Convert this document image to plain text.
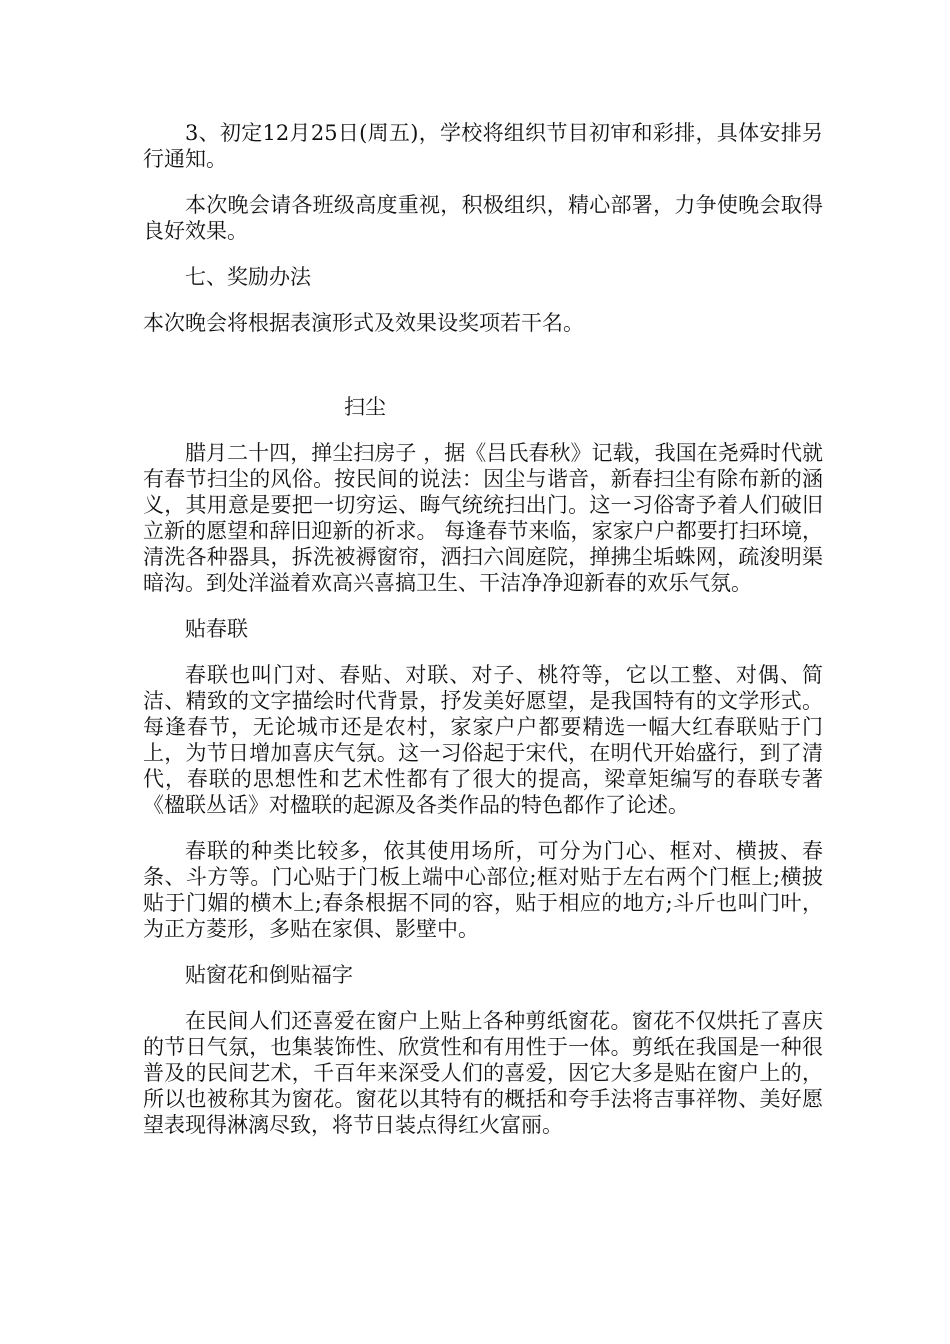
3、初定12月25日(周五)，学校将组织节目初审和彩排，具体安排另行通知。

本次晚会请各班级高度重视，积极组织，精心部署，力争使晚会取得良好效果。

七、奖励办法

本次晚会将根据表演形式及效果设奖项若干名。

扫尘

腊月二十四，掸尘扫房子 ，据《吕氏春秋》记载，我国在尧舜时代就有春节扫尘的风俗。按民间的说法：因尘与谐音，新春扫尘有除布新的涵义，其用意是要把一切穷运、晦气统统扫出门。这一习俗寄予着人们破旧立新的愿望和辞旧迎新的祈求。 每逢春节来临，家家户户都要打扫环境，清洗各种器具，拆洗被褥窗帘，洒扫六闾庭院，掸拂尘垢蛛网，疏浚明渠暗沟。到处洋溢着欢高兴喜搞卫生、干洁净净迎新春的欢乐气氛。

贴春联

春联也叫门对、春贴、对联、对子、桃符等，它以工整、对偶、简洁、精致的文字描绘时代背景，抒发美好愿望，是我国特有的文学形式。每逢春节，无论城市还是农村，家家户户都要精选一幅大红春联贴于门上，为节日增加喜庆气氛。这一习俗起于宋代，在明代开始盛行，到了清代，春联的思想性和艺术性都有了很大的提高，梁章矩编写的春联专著《楹联丛话》对楹联的起源及各类作品的特色都作了论述。

春联的种类比较多，依其使用场所，可分为门心、框对、横披、春条、斗方等。门心贴于门板上端中心部位;框对贴于左右两个门框上;横披贴于门媚的横木上;春条根据不同的容，贴于相应的地方;斗斤也叫门叶，为正方菱形，多贴在家俱、影壁中。

贴窗花和倒贴福字

在民间人们还喜爱在窗户上贴上各种剪纸窗花。窗花不仅烘托了喜庆的节日气氛，也集装饰性、欣赏性和有用性于一体。剪纸在我国是一种很普及的民间艺术，千百年来深受人们的喜爱，因它大多是贴在窗户上的，所以也被称其为窗花。窗花以其特有的概括和夸手法将吉事祥物、美好愿望表现得淋漓尽致，将节日装点得红火富丽。
